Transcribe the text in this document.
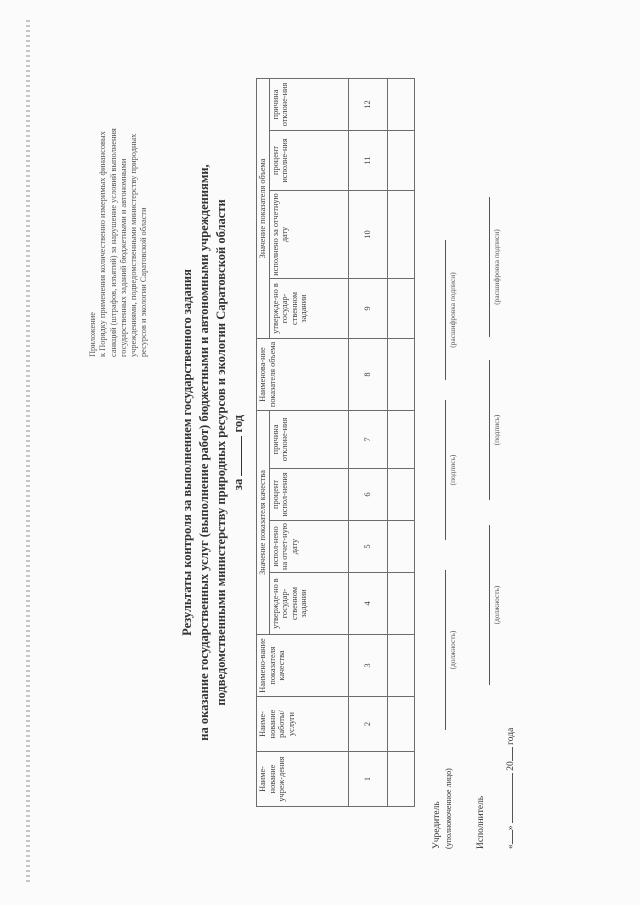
Приложение к Порядку применения количественно измеримых финансовых санкций (штрафов, изъятий) за нарушение условий выполнения государственных заданий бюджетными и автономными учреждениями, подведомственными министерству природных ресурсов и экологии Саратовской области	Результаты контроля за выполнением государственного задания на оказание государственных услуг (выполнение работ) бюджетными и автономными учреждениями, подведомственными министерству природных ресурсов и экологии Саратовской области за  год
Наиме-нование учреж-дения	Наиме-нование работы/ услуги	Наимено-вание показателя качества	Значение показателя качества				Наименова-ние показателя объема	Значение показателя объема			
			утвержде-но в государ-ственном задании	испол-нено на отчет-ную дату	процент испол-нения	причина отклоне-ния		утвержде-но в государ-ственном задании	исполнено за отчетную дату	процент исполне-ния	причина отклоне-ния
1	2	3	4	5	6	7	8	9	10	11	12

Учредитель (уполномоченное лицо)
(должность)
(подпись)
(расшифровка подписи)
Исполнитель
(должность)
(подпись)
(расшифровка подписи)
«»  20 года
